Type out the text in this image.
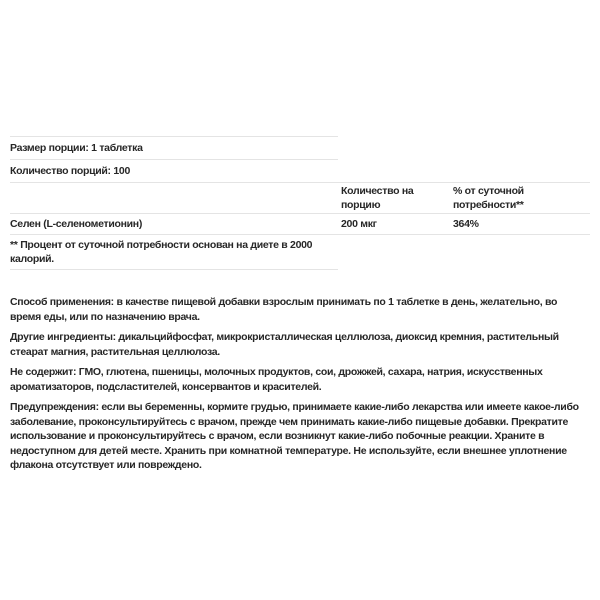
Размер порции: 1 таблетка
Количество порций: 100
Количество на порцию
% от суточной потребности**
Селен (L-селенометионин)	200 мкг	364%
** Процент от суточной потребности основан на диете в 2000 калорий.

Способ применения: в качестве пищевой добавки взрослым принимать по 1 таблетке в день, желательно, во время еды, или по назначению врача.

Другие ингредиенты: дикальцийфосфат, микрокристаллическая целлюлоза, диоксид кремния, растительный стеарат магния, растительная целлюлоза.

Не содержит: ГМО, глютена, пшеницы, молочных продуктов, сои, дрожжей, сахара, натрия, искусственных ароматизаторов, подсластителей, консервантов и красителей.

Предупреждения: если вы беременны, кормите грудью, принимаете какие-либо лекарства или имеете какое-либо заболевание, проконсультируйтесь с врачом, прежде чем принимать какие-либо пищевые добавки. Прекратите использование и проконсультируйтесь с врачом, если возникнут какие-либо побочные реакции. Храните в недоступном для детей месте. Хранить при комнатной температуре. Не используйте, если внешнее уплотнение флакона отсутствует или повреждено.
